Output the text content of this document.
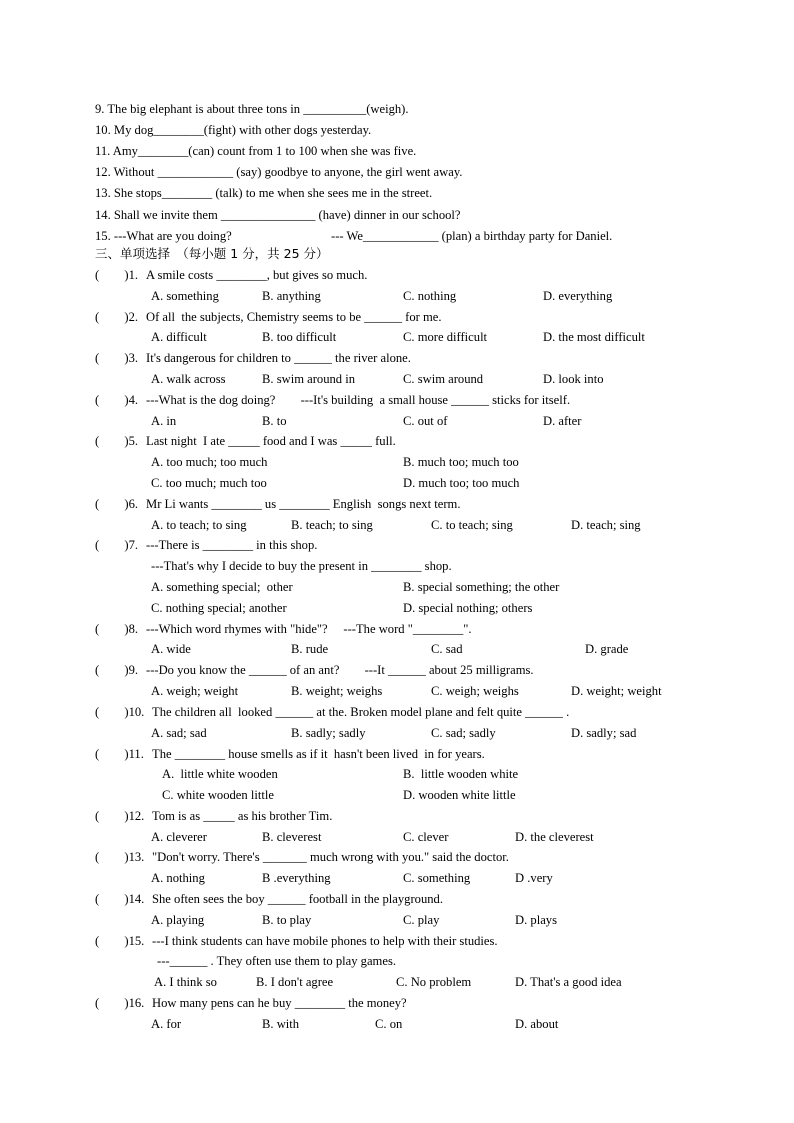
9. The big elephant is about three tons in __________(weigh).
10. My dog________(fight) with other dogs yesterday.
11. Amy________(can) count from 1 to 100 when she was five.
12. Without ____________ (say) goodbye to anyone, the girl went away.
13. She stops________ (talk) to me when she sees me in the street.
14. Shall we invite them _______________ (have) dinner in our school?
15. ---What are you doing?	--- We____________ (plan) a birthday party for Daniel.
三、单项选择　（每小题 1 分，共 25 分）
(　　)1. A smile costs ________, but gives so much.
A. something	B. anything	C. nothing	D. everything
(　　)2. Of all  the subjects, Chemistry seems to be ______ for me.
A. difficult	B. too difficult	C. more difficult	D. the most difficult
(　　)3. It's dangerous for children to ______ the river alone.
A. walk across	B. swim around in	C. swim around	D. look into
(　　)4. ---What is the dog doing?        ---It's building  a small house ______ sticks for itself.
A. in	B. to	C. out of	D. after
(　　)5. Last night  I ate _____ food and I was _____ full.
A. too much; too much	B. much too; much too
C. too much; much too	D. much too; too much
(　　)6. Mr Li wants ________ us ________ English  songs next term.
A. to teach; to sing	B. teach; to sing	C. to teach; sing	D. teach; sing
(　　)7. ---There is ________ in this shop.
---That's why I decide to buy the present in ________ shop.
A. something special;  other	B. special something; the other
C. nothing special; another	D. special nothing; others
(　　)8. ---Which word rhymes with "hide"?     ---The word "________".
A. wide	B. rude	C. sad	D. grade
(　　)9. ---Do you know the ______ of an ant?        ---It ______ about 25 milligrams.
A. weigh; weight	B. weight; weighs	C. weigh; weighs	D. weight; weight
(　　)10. The children all  looked ______ at the. Broken model plane and felt quite ______ .
A. sad; sad	B. sadly; sadly	C. sad; sadly	D. sadly; sad
(　　)11. The ________ house smells as if it  hasn't been lived  in for years.
A.  little white wooden	B.  little wooden white
C. white wooden little	D. wooden white little
(　　)12. Tom is as _____ as his brother Tim.
A. cleverer	B. cleverest	C. clever	D. the cleverest
(　　)13. "Don't worry. There's _______ much wrong with you." said the doctor.
A. nothing	B .everything	C. something	D .very
(　　)14. She often sees the boy ______ football in the playground.
A. playing	B. to play	C. play	D. plays
(　　)15. ---I think students can have mobile phones to help with their studies.
---______ . They often use them to play games.
A. I think so	B. I don't agree	C. No problem	D. That's a good idea
(　　)16. How many pens can he buy ________ the money?
A. for	B. with	C. on	D. about
